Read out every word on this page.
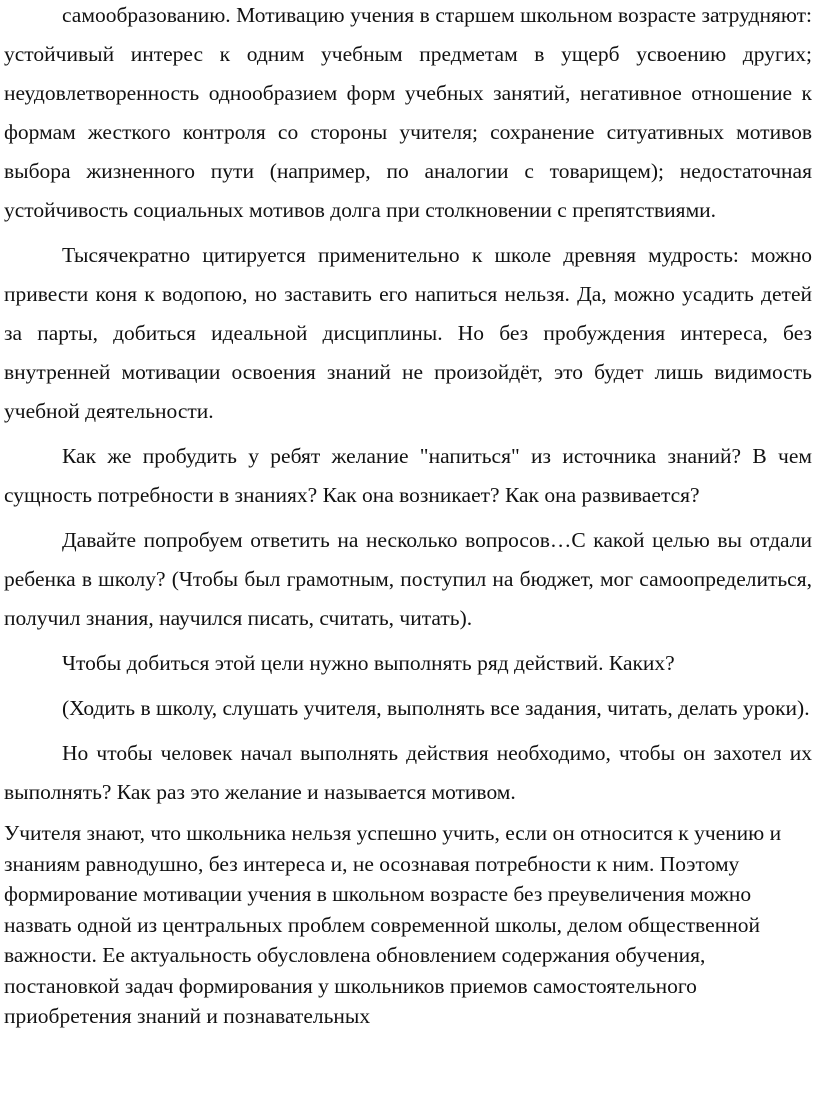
самообразованию. Мотивацию учения в старшем школьном возрасте затрудняют: устойчивый интерес к одним учебным предметам в ущерб усвоению других; неудовлетворенность однообразием форм учебных занятий, негативное отношение к формам жесткого контроля со стороны учителя; сохранение ситуативных мотивов выбора жизненного пути (например, по аналогии с товарищем); недостаточная устойчивость социальных мотивов долга при столкновении с препятствиями.

Тысячекратно цитируется применительно к школе древняя мудрость: можно привести коня к водопою, но заставить его напиться нельзя. Да, можно усадить детей за парты, добиться идеальной дисциплины. Но без пробуждения интереса, без внутренней мотивации освоения знаний не произойдёт, это будет лишь видимость учебной деятельности.

Как же пробудить у ребят желание "напиться" из источника знаний? В чем сущность потребности в знаниях? Как она возникает? Как она развивается?

Давайте попробуем ответить на несколько вопросов…С какой целью вы отдали ребенка в школу? (Чтобы был грамотным, поступил на бюджет, мог самоопределиться, получил знания, научился писать, считать, читать).

Чтобы добиться этой цели нужно выполнять ряд действий. Каких?

(Ходить в школу, слушать учителя, выполнять все задания, читать, делать уроки).

Но чтобы человек начал выполнять действия необходимо, чтобы он захотел их выполнять? Как раз это желание и называется мотивом.

Учителя знают, что школьника нельзя успешно учить, если он относится к учению и знаниям равнодушно, без интереса и, не осознавая потребности к ним. Поэтому формирование мотивации учения в школьном возрасте без преувеличения можно назвать одной из центральных проблем современной школы, делом общественной важности. Ее актуальность обусловлена обновлением содержания обучения, постановкой задач формирования у школьников приемов самостоятельного приобретения знаний и познавательных
